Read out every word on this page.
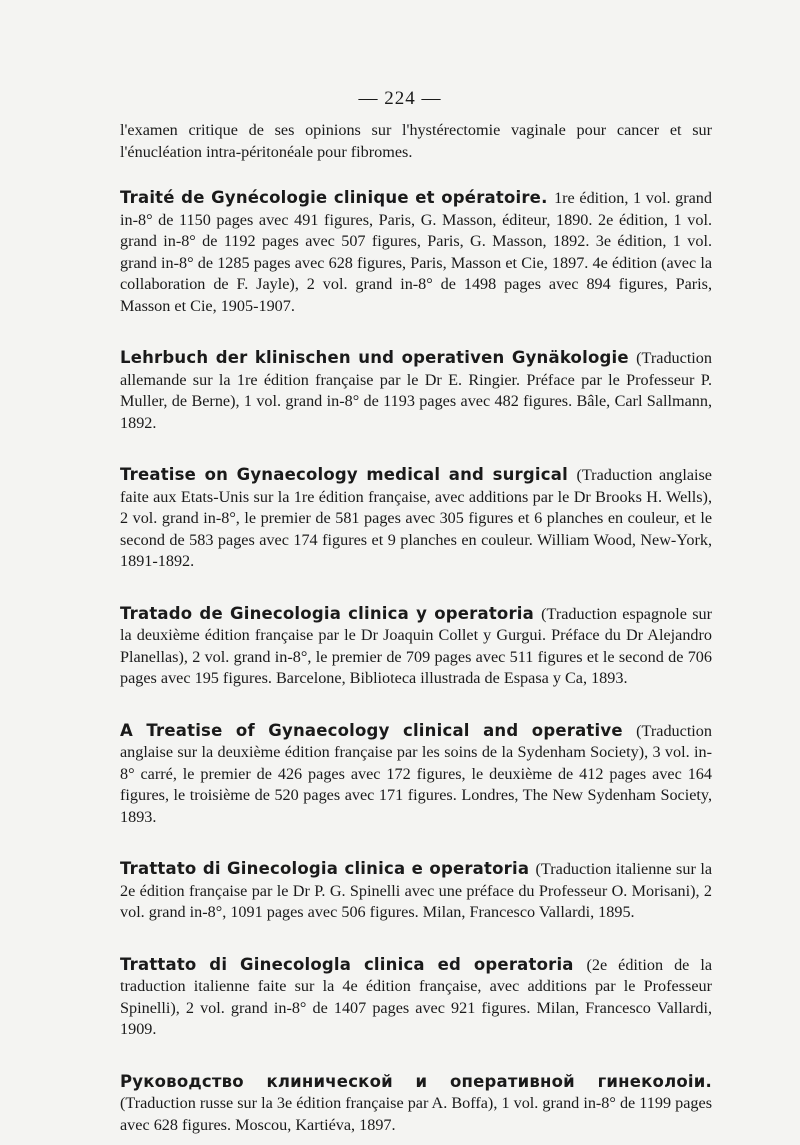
— 224 —

l'examen critique de ses opinions sur l'hystérectomie vaginale pour cancer et sur l'énucléation intra-péritonéale pour fibromes.

Traité de Gynécologie clinique et opératoire. 1re édition, 1 vol. grand in-8° de 1150 pages avec 491 figures, Paris, G. Masson, éditeur, 1890. 2e édition, 1 vol. grand in-8° de 1192 pages avec 507 figures, Paris, G. Masson, 1892. 3e édition, 1 vol. grand in-8° de 1285 pages avec 628 figures, Paris, Masson et Cie, 1897. 4e édition (avec la collaboration de F. Jayle), 2 vol. grand in-8° de 1498 pages avec 894 figures, Paris, Masson et Cie, 1905-1907.
Lehrbuch der klinischen und operativen Gynäkologie (Traduction allemande sur la 1re édition française par le Dr E. Ringier. Préface par le Professeur P. Muller, de Berne), 1 vol. grand in-8° de 1193 pages avec 482 figures. Bâle, Carl Sallmann, 1892.
Treatise on Gynaecology medical and surgical (Traduction anglaise faite aux Etats-Unis sur la 1re édition française, avec additions par le Dr Brooks H. Wells), 2 vol. grand in-8°, le premier de 581 pages avec 305 figures et 6 planches en couleur, et le second de 583 pages avec 174 figures et 9 planches en couleur. William Wood, New-York, 1891-1892.
Tratado de Ginecologia clinica y operatoria (Traduction espagnole sur la deuxième édition française par le Dr Joaquin Collet y Gurgui. Préface du Dr Alejandro Planellas), 2 vol. grand in-8°, le premier de 709 pages avec 511 figures et le second de 706 pages avec 195 figures. Barcelone, Biblioteca illustrada de Espasa y Ca, 1893.
A Treatise of Gynaecology clinical and operative (Traduction anglaise sur la deuxième édition française par les soins de la Sydenham Society), 3 vol. in-8° carré, le premier de 426 pages avec 172 figures, le deuxième de 412 pages avec 164 figures, le troisième de 520 pages avec 171 figures. Londres, The New Sydenham Society, 1893.
Trattato di Ginecologia clinica e operatoria (Traduction italienne sur la 2e édition française par le Dr P. G. Spinelli avec une préface du Professeur O. Morisani), 2 vol. grand in-8°, 1091 pages avec 506 figures. Milan, Francesco Vallardi, 1895.
Trattato di Ginecologla clinica ed operatoria (2e édition de la traduction italienne faite sur la 4e édition française, avec additions par le Professeur Spinelli), 2 vol. grand in-8° de 1407 pages avec 921 figures. Milan, Francesco Vallardi, 1909.
Руководство клинической и оперативной гинеколоіи. (Traduction russe sur la 3e édition française par A. Boffa), 1 vol. grand in-8° de 1199 pages avec 628 figures. Moscou, Kartiéva, 1897.
